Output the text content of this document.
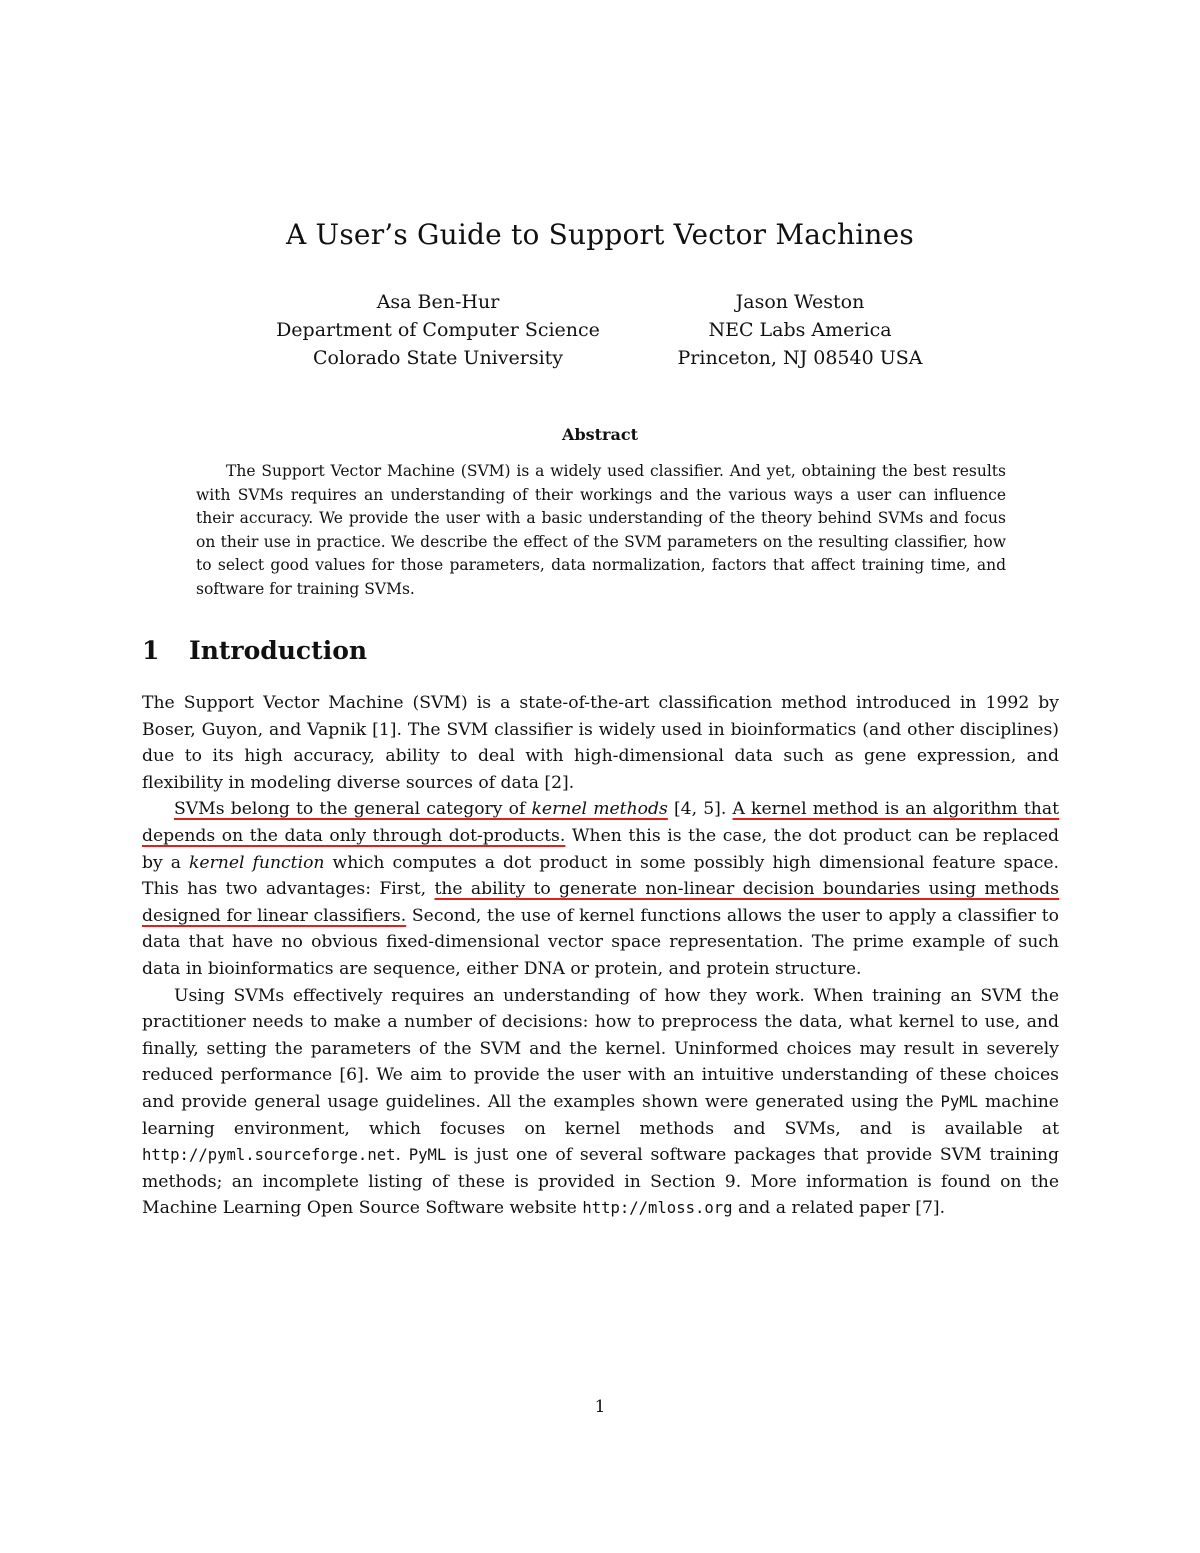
A User’s Guide to Support Vector Machines
Asa Ben-Hur
Department of Computer Science
Colorado State University
Jason Weston
NEC Labs America
Princeton, NJ 08540 USA
Abstract

The Support Vector Machine (SVM) is a widely used classifier. And yet, obtaining the best results with SVMs requires an understanding of their workings and the various ways a user can influence their accuracy. We provide the user with a basic understanding of the theory behind SVMs and focus on their use in practice. We describe the effect of the SVM parameters on the resulting classifier, how to select good values for those parameters, data normalization, factors that affect training time, and software for training SVMs.

1 Introduction

The Support Vector Machine (SVM) is a state-of-the-art classification method introduced in 1992 by Boser, Guyon, and Vapnik [1]. The SVM classifier is widely used in bioinformatics (and other disciplines) due to its high accuracy, ability to deal with high-dimensional data such as gene expression, and flexibility in modeling diverse sources of data [2].

SVMs belong to the general category of kernel methods [4, 5]. A kernel method is an algorithm that depends on the data only through dot-products. When this is the case, the dot product can be replaced by a kernel function which computes a dot product in some possibly high dimensional feature space. This has two advantages: First, the ability to generate non-linear decision boundaries using methods designed for linear classifiers. Second, the use of kernel functions allows the user to apply a classifier to data that have no obvious fixed-dimensional vector space representation. The prime example of such data in bioinformatics are sequence, either DNA or protein, and protein structure.

Using SVMs effectively requires an understanding of how they work. When training an SVM the practitioner needs to make a number of decisions: how to preprocess the data, what kernel to use, and finally, setting the parameters of the SVM and the kernel. Uninformed choices may result in severely reduced performance [6]. We aim to provide the user with an intuitive understanding of these choices and provide general usage guidelines. All the examples shown were generated using the PyML machine learning environment, which focuses on kernel methods and SVMs, and is available at http://pyml.sourceforge.net. PyML is just one of several software packages that provide SVM training methods; an incomplete listing of these is provided in Section 9. More information is found on the Machine Learning Open Source Software website http://mloss.org and a related paper [7].

1
